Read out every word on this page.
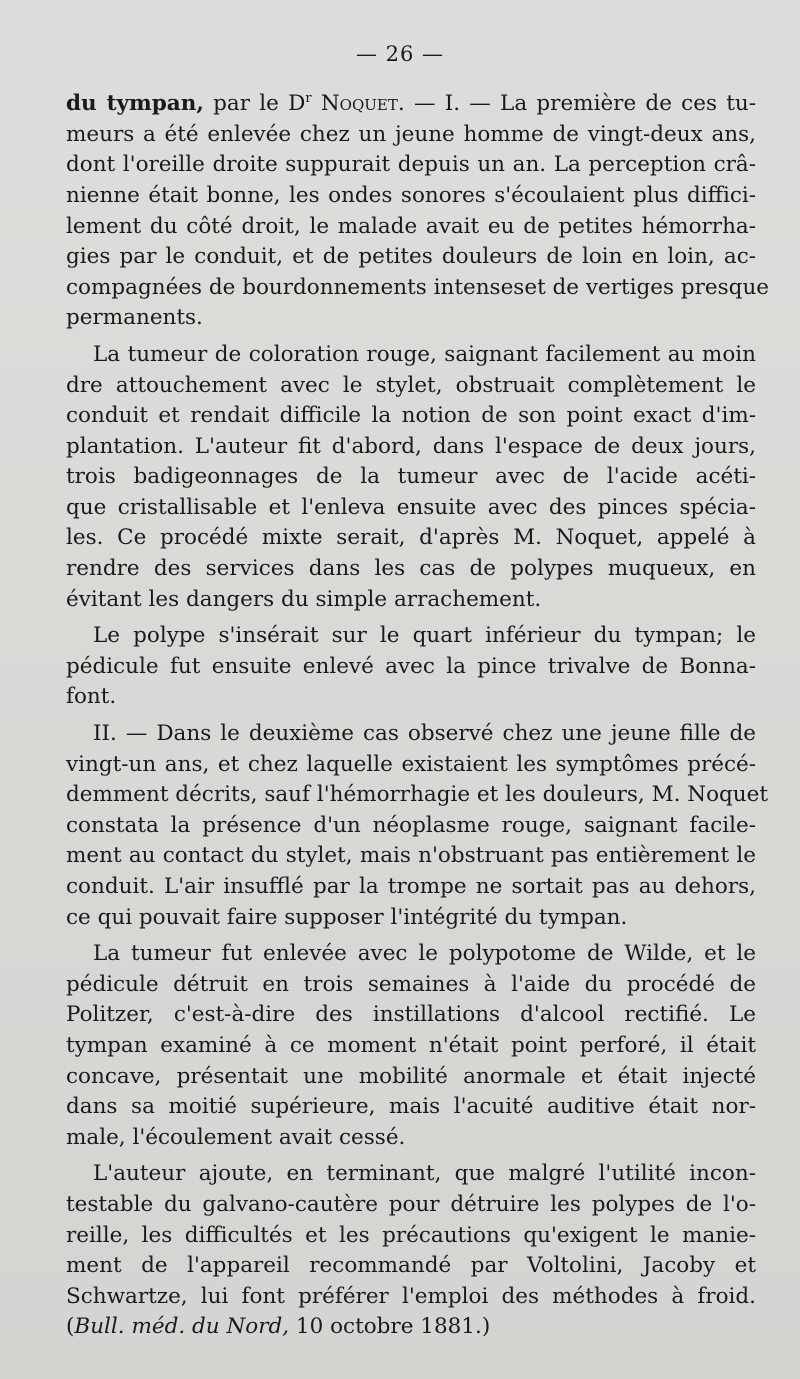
— 26 —

du tympan, par le $D^r$ Noquet. — I. — La première de ces tu-
meurs a été enlevée chez un jeune homme de vingt-deux ans,
dont l'oreille droite suppurait depuis un an. La perception crâ-
nienne était bonne, les ondes sonores s'écoulaient plus diffici-
lement du côté droit, le malade avait eu de petites hémorrha-
gies par le conduit, et de petites douleurs de loin en loin, ac-
compagnées de bourdonnements intenseset de vertiges presque
permanents.

La tumeur de coloration rouge, saignant facilement au moin
dre attouchement avec le stylet, obstruait complètement le
conduit et rendait difficile la notion de son point exact d'im-
plantation. L'auteur fit d'abord, dans l'espace de deux jours,
trois badigeonnages de la tumeur avec de l'acide acéti-
que cristallisable et l'enleva ensuite avec des pinces spécia-
les. Ce procédé mixte serait, d'après M. Noquet, appelé à
rendre des services dans les cas de polypes muqueux, en
évitant les dangers du simple arrachement.

Le polype s'insérait sur le quart inférieur du tympan; le
pédicule fut ensuite enlevé avec la pince trivalve de Bonna-
font.

II. — Dans le deuxième cas observé chez une jeune fille de
vingt-un ans, et chez laquelle existaient les symptômes précé-
demment décrits, sauf l'hémorrhagie et les douleurs, M. Noquet
constata la présence d'un néoplasme rouge, saignant facile-
ment au contact du stylet, mais n'obstruant pas entièrement le
conduit. L'air insufflé par la trompe ne sortait pas au dehors,
ce qui pouvait faire supposer l'intégrité du tympan.

La tumeur fut enlevée avec le polypotome de Wilde, et le
pédicule détruit en trois semaines à l'aide du procédé de
Politzer, c'est-à-dire des instillations d'alcool rectifié. Le
tympan examiné à ce moment n'était point perforé, il était
concave, présentait une mobilité anormale et était injecté
dans sa moitié supérieure, mais l'acuité auditive était nor-
male, l'écoulement avait cessé.

L'auteur ajoute, en terminant, que malgré l'utilité incon-
testable du galvano-cautère pour détruire les polypes de l'o-
reille, les difficultés et les précautions qu'exigent le manie-
ment de l'appareil recommandé par Voltolini, Jacoby et
Schwartze, lui font préférer l'emploi des méthodes à froid.
(Bull. méd. du Nord, 10 octobre 1881.)
